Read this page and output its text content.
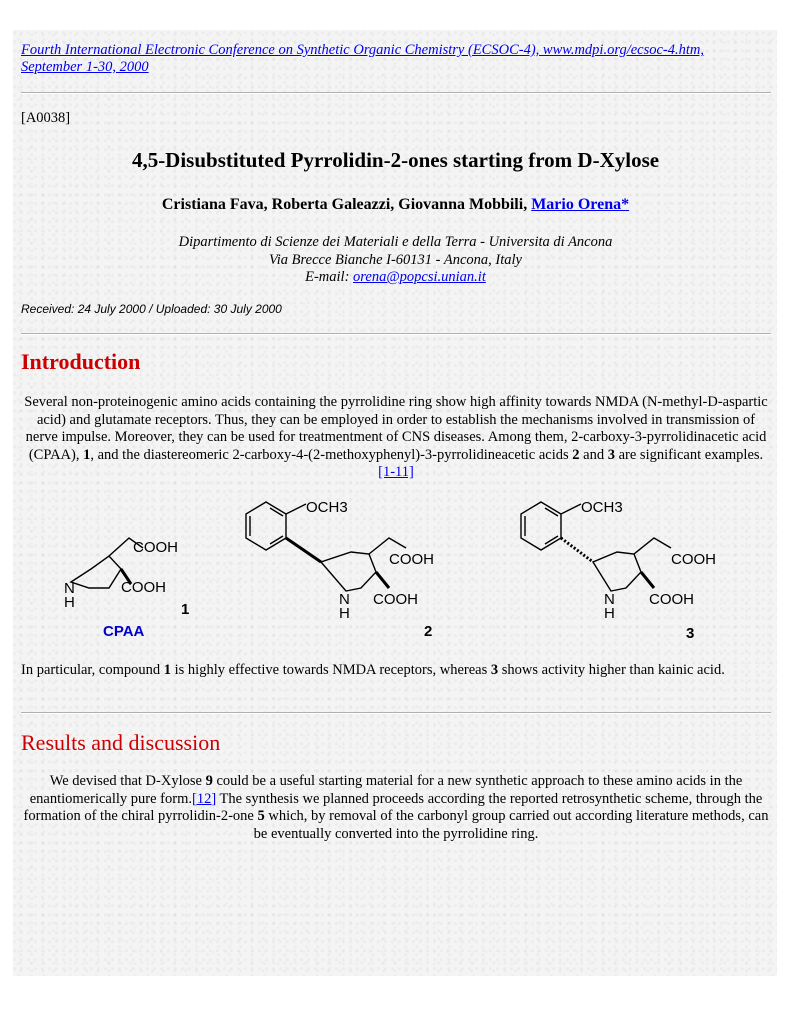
Fourth International Electronic Conference on Synthetic Organic Chemistry (ECSOC-4), www.mdpi.org/ecsoc-4.htm, September 1-30, 2000
[A0038]
4,5-Disubstituted Pyrrolidin-2-ones starting from D-Xylose
Cristiana Fava, Roberta Galeazzi, Giovanna Mobbili, Mario Orena*
Dipartimento di Scienze dei Materiali e della Terra - Universita di Ancona
Via Brecce Bianche I-60131 - Ancona, Italy
E-mail: orena@popcsi.unian.it
Received: 24 July 2000 / Uploaded: 30 July 2000
Introduction
Several non-proteinogenic amino acids containing the pyrrolidine ring show high affinity towards NMDA (N-methyl-D-aspartic acid) and glutamate receptors. Thus, they can be employed in order to establish the mechanisms involved in transmission of nerve impulse. Moreover, they can be used for treatmentment of CNS diseases. Among them, 2-carboxy-3-pyrrolidinacetic acid (CPAA), 1, and the diastereomeric 2-carboxy-4-(2-methoxyphenyl)-3-pyrrolidineacetic acids 2 and 3 are significant examples. [1-11]
COOH
COOH
N
H	1
CPAA
OCH3
COOH
COOH
N
H
2
OCH3
COOH
COOH
N
H
3
In particular, compound 1 is highly effective towards NMDA receptors, whereas 3 shows activity higher than kainic acid.
Results and discussion
We devised that D-Xylose 9 could be a useful starting material for a new synthetic approach to these amino acids in the enantiomerically pure form.[12] The synthesis we planned proceeds according the reported retrosynthetic scheme, through the formation of the chiral pyrrolidin-2-one 5 which, by removal of the carbonyl group carried out according literature methods, can be eventually converted into the pyrrolidine ring.
